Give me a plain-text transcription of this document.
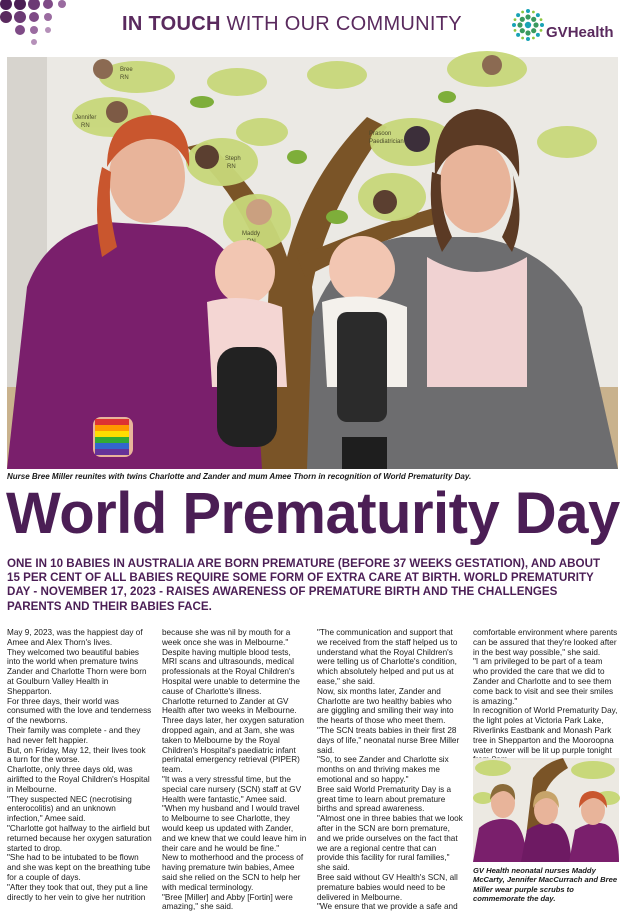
IN TOUCH WITH OUR COMMUNITY	GVHealth
Bree
RN
Jennifer
RN
Steph
RN
Maddy
Prasoon
Paediatrician
Nurse Bree Miller reunites with twins Charlotte and Zander and mum Amee Thorn in recognition of World Prematurity Day.
World Prematurity Day
ONE IN 10 BABIES IN AUSTRALIA ARE BORN PREMATURE (BEFORE 37 WEEKS GESTATION), AND ABOUT 15 PER CENT OF ALL BABIES REQUIRE SOME FORM OF EXTRA CARE AT BIRTH. WORLD PREMATURITY DAY - NOVEMBER 17, 2023 - RAISES AWARENESS OF PREMATURE BIRTH AND THE CHALLENGES PARENTS AND THEIR BABIES FACE.

May 9, 2023, was the happiest day of Amee and Alex Thorn's lives.

They welcomed two beautiful babies into the world when premature twins Zander and Charlotte Thorn were born at Goulburn Valley Health in Shepparton.

For three days, their world was consumed with the love and tenderness of the newborns.

Their family was complete - and they had never felt happier.

But, on Friday, May 12, their lives took a turn for the worse.

Charlotte, only three days old, was airlifted to the Royal Children's Hospital in Melbourne.

"They suspected NEC (necrotising enterocolitis) and an unknown infection," Amee said.

"Charlotte got halfway to the airfield but returned because her oxygen saturation started to drop.

"She had to be intubated to be flown and she was kept on the breathing tube for a couple of days.

"After they took that out, they put a line directly to her vein to give her nutrition

because she was nil by mouth for a week once she was in Melbourne."

Despite having multiple blood tests, MRI scans and ultrasounds, medical professionals at the Royal Children's Hospital were unable to determine the cause of Charlotte's illness.

Charlotte returned to Zander at GV Health after two weeks in Melbourne.

Three days later, her oxygen saturation dropped again, and at 3am, she was taken to Melbourne by the Royal Children's Hospital's paediatric infant perinatal emergency retrieval (PIPER) team.

"It was a very stressful time, but the special care nursery (SCN) staff at GV Health were fantastic," Amee said.

"When my husband and I would travel to Melbourne to see Charlotte, they would keep us updated with Zander, and we knew that we could leave him in their care and he would be fine."

New to motherhood and the process of having premature twin babies, Amee said she relied on the SCN to help her with medical terminology.

"Bree [Miller] and Abby [Fortin] were amazing," she said.

"The communication and support that we received from the staff helped us to understand what the Royal Children's were telling us of Charlotte's condition, which absolutely helped and put us at ease," she said.

Now, six months later, Zander and Charlotte are two healthy babies who are giggling and smiling their way into the hearts of those who meet them.

"The SCN treats babies in their first 28 days of life," neonatal nurse Bree Miller said.

"So, to see Zander and Charlotte six months on and thriving makes me emotional and so happy."

Bree said World Prematurity Day is a great time to learn about premature births and spread awareness.

"Almost one in three babies that we look after in the SCN are born premature, and we pride ourselves on the fact that we are a regional centre that can provide this facility for rural families," she said.

Bree said without GV Health's SCN, all premature babies would need to be delivered in Melbourne.

"We ensure that we provide a safe and

comfortable environment where parents can be assured that they're looked after in the best way possible," she said.

"I am privileged to be part of a team who provided the care that we did to Zander and Charlotte and to see them come back to visit and see their smiles is amazing."

In recognition of World Prematurity Day, the light poles at Victoria Park Lake, Riverlinks Eastbank and Monash Park tree in Shepparton and the Mooroopna water tower will be lit up purple tonight

GV Health neonatal nurses Maddy McCarty, Jennifer MacCurrach and Bree Miller wear purple scrubs to commemorate the day.
